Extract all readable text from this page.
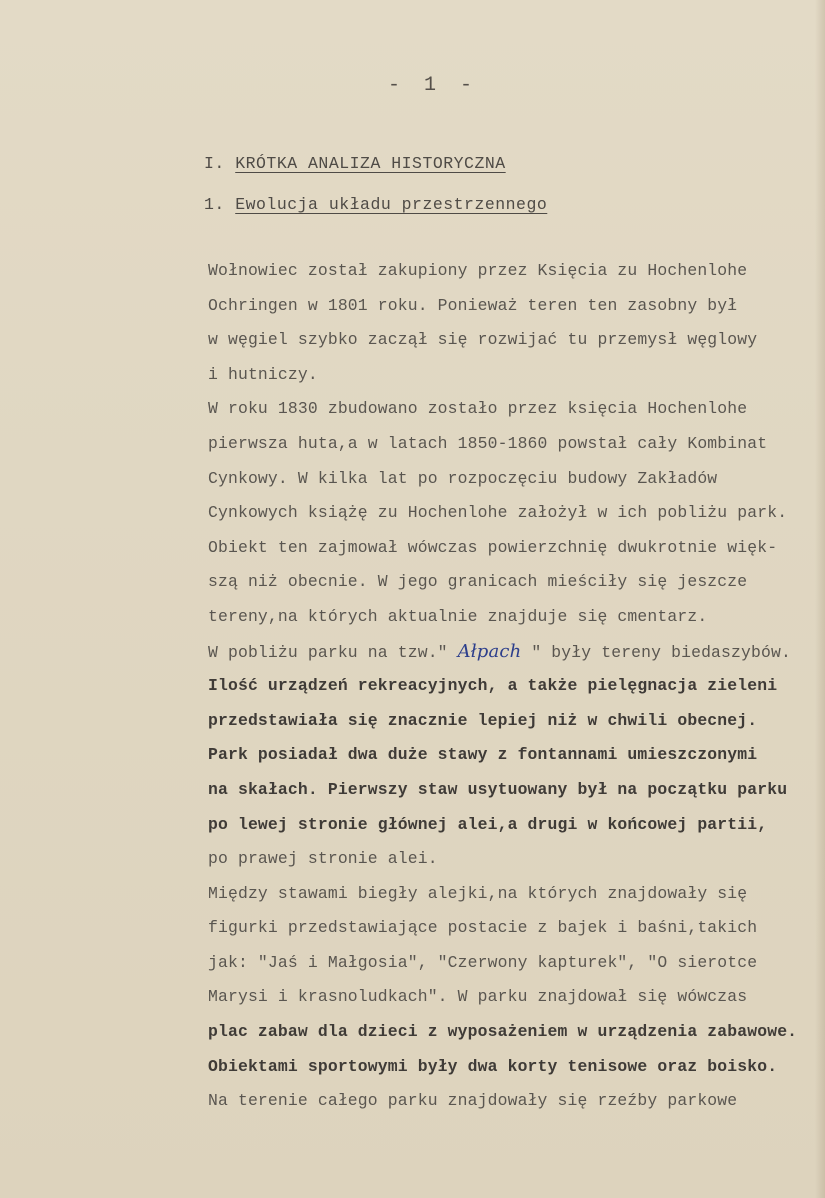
- 1 -
I. KRÓTKA ANALIZA HISTORYCZNA
1. Ewolucja układu przestrzennego
Wołnowiec został zakupiony przez Księcia zu Hochenlohe
Ochringen w 1801 roku. Ponieważ teren ten zasobny był
w węgiel szybko zaczął się rozwijać tu przemysł węglowy
i hutniczy.
W roku 1830 zbudowano zostało przez księcia Hochenlohe
pierwsza huta,a w latach 1850-1860 powstał cały Kombinat
Cynkowy. W kilka lat po rozpoczęciu budowy Zakładów
Cynkowych książę zu Hochenlohe założył w ich pobliżu park.
Obiekt ten zajmował wówczas powierzchnię dwukrotnie więk-
szą niż obecnie. W jego granicach mieściły się jeszcze
tereny,na których aktualnie znajduje się cmentarz.
W pobliżu parku na tzw." Ałpach " były tereny biedaszybów.
Ilość urządzeń rekreacyjnych, a także pielęgnacja zieleni
przedstawiała się znacznie lepiej niż w chwili obecnej.
Park posiadał dwa duże stawy z fontannami umieszczonymi
na skałach. Pierwszy staw usytuowany był na początku parku
po lewej stronie głównej alei,a drugi w końcowej partii,
po prawej stronie alei.
Między stawami biegły alejki,na których znajdowały się
figurki przedstawiające postacie z bajek i baśni,takich
jak: "Jaś i Małgosia", "Czerwony kapturek", "O sierotce
Marysi i krasnoludkach". W parku znajdował się wówczas
plac zabaw dla dzieci z wyposażeniem w urządzenia zabawowe.
Obiektami sportowymi były dwa korty tenisowe oraz boisko.
Na terenie całego parku znajdowały się rzeźby parkowe
